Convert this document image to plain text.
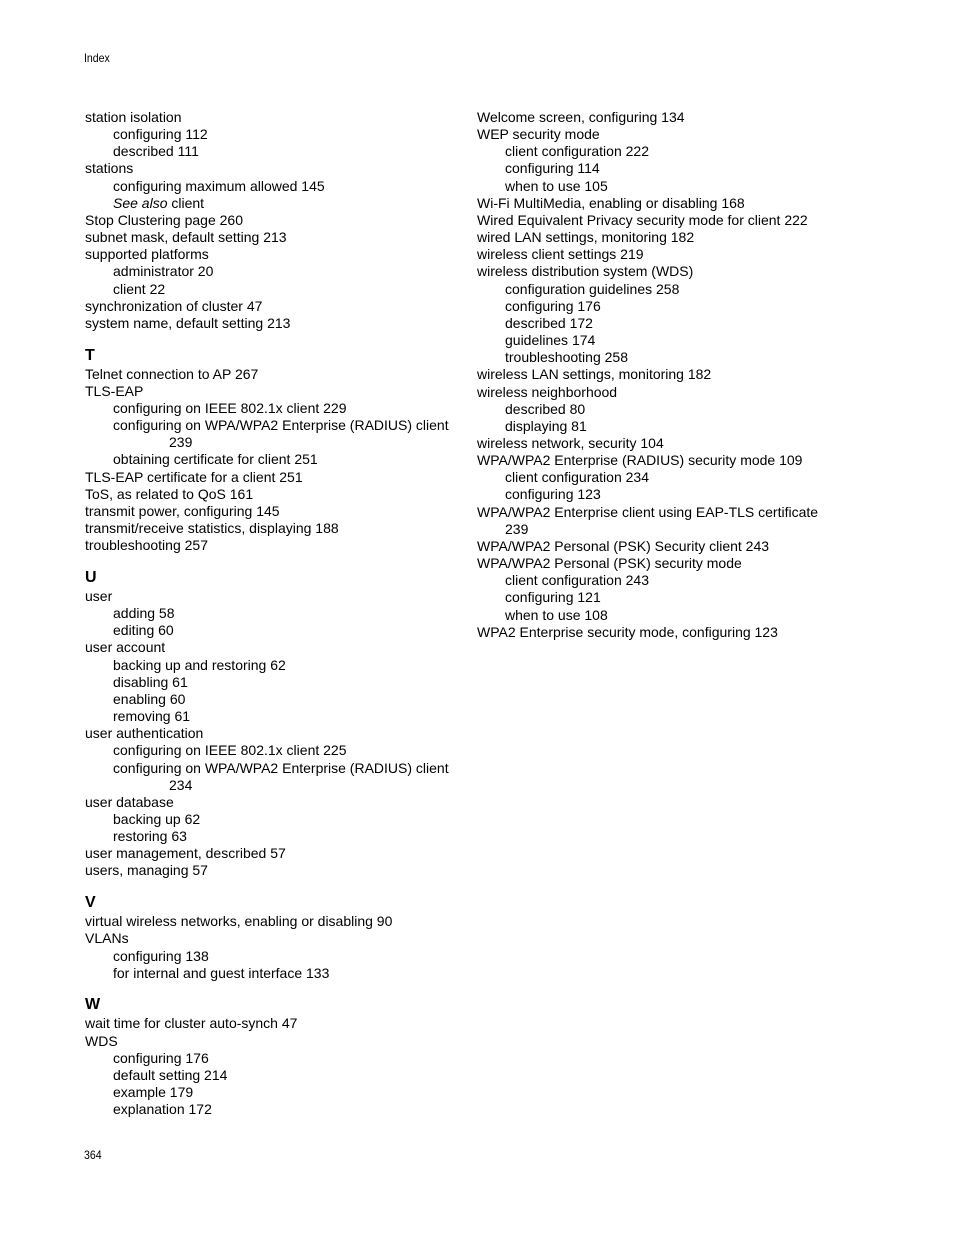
Index
station isolation
configuring 112
described 111
stations
configuring maximum allowed 145
See also client
Stop Clustering page 260
subnet mask, default setting 213
supported platforms
administrator 20
client 22
synchronization of cluster 47
system name, default setting 213
T
Telnet connection to AP 267
TLS-EAP
configuring on IEEE 802.1x client 229
configuring on WPA/WPA2 Enterprise (RADIUS) client
239
obtaining certificate for client 251
TLS-EAP certificate for a client 251
ToS, as related to QoS 161
transmit power, configuring 145
transmit/receive statistics, displaying 188
troubleshooting 257
U
user
adding 58
editing 60
user account
backing up and restoring 62
disabling 61
enabling 60
removing 61
user authentication
configuring on IEEE 802.1x client 225
configuring on WPA/WPA2 Enterprise (RADIUS) client
234
user database
backing up 62
restoring 63
user management, described 57
users, managing 57
V
virtual wireless networks, enabling or disabling 90
VLANs
configuring 138
for internal and guest interface 133
W
wait time for cluster auto-synch 47
WDS
configuring 176
default setting 214
example 179
explanation 172
Welcome screen, configuring 134
WEP security mode
client configuration 222
configuring 114
when to use 105
Wi-Fi MultiMedia, enabling or disabling 168
Wired Equivalent Privacy security mode for client 222
wired LAN settings, monitoring 182
wireless client settings 219
wireless distribution system (WDS)
configuration guidelines 258
configuring 176
described 172
guidelines 174
troubleshooting 258
wireless LAN settings, monitoring 182
wireless neighborhood
described 80
displaying 81
wireless network, security 104
WPA/WPA2 Enterprise (RADIUS) security mode 109
client configuration 234
configuring 123
WPA/WPA2 Enterprise client using EAP-TLS certificate
239
WPA/WPA2 Personal (PSK) Security client 243
WPA/WPA2 Personal (PSK) security mode
client configuration 243
configuring 121
when to use 108
WPA2 Enterprise security mode, configuring 123
364
